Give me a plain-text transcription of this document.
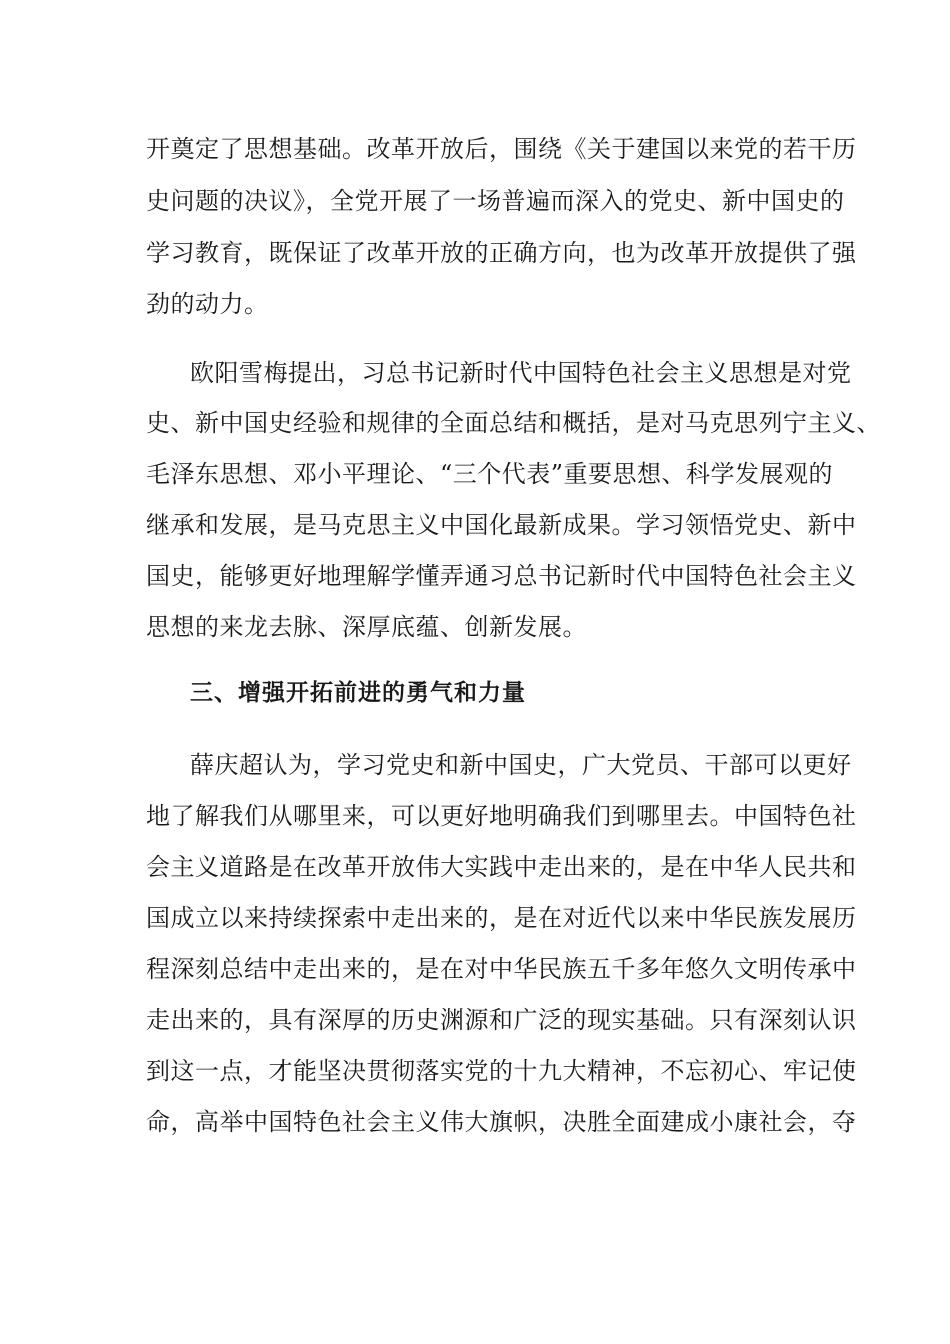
开奠定了思想基础。改革开放后，围绕《关于建国以来党的若干历
史问题的决议》，全党开展了一场普遍而深入的党史、新中国史的
学习教育，既保证了改革开放的正确方向，也为改革开放提供了强
劲的动力。
欧阳雪梅提出，习总书记新时代中国特色社会主义思想是对党
史、新中国史经验和规律的全面总结和概括，是对马克思列宁主义、
毛泽东思想、邓小平理论、“三个代表”重要思想、科学发展观的
继承和发展，是马克思主义中国化最新成果。学习领悟党史、新中
国史，能够更好地理解学懂弄通习总书记新时代中国特色社会主义
思想的来龙去脉、深厚底蕴、创新发展。
三、增强开拓前进的勇气和力量
薛庆超认为，学习党史和新中国史，广大党员、干部可以更好
地了解我们从哪里来，可以更好地明确我们到哪里去。中国特色社
会主义道路是在改革开放伟大实践中走出来的，是在中华人民共和
国成立以来持续探索中走出来的，是在对近代以来中华民族发展历
程深刻总结中走出来的，是在对中华民族五千多年悠久文明传承中
走出来的，具有深厚的历史渊源和广泛的现实基础。只有深刻认识
到这一点，才能坚决贯彻落实党的十九大精神，不忘初心、牢记使
命，高举中国特色社会主义伟大旗帜，决胜全面建成小康社会，夺
